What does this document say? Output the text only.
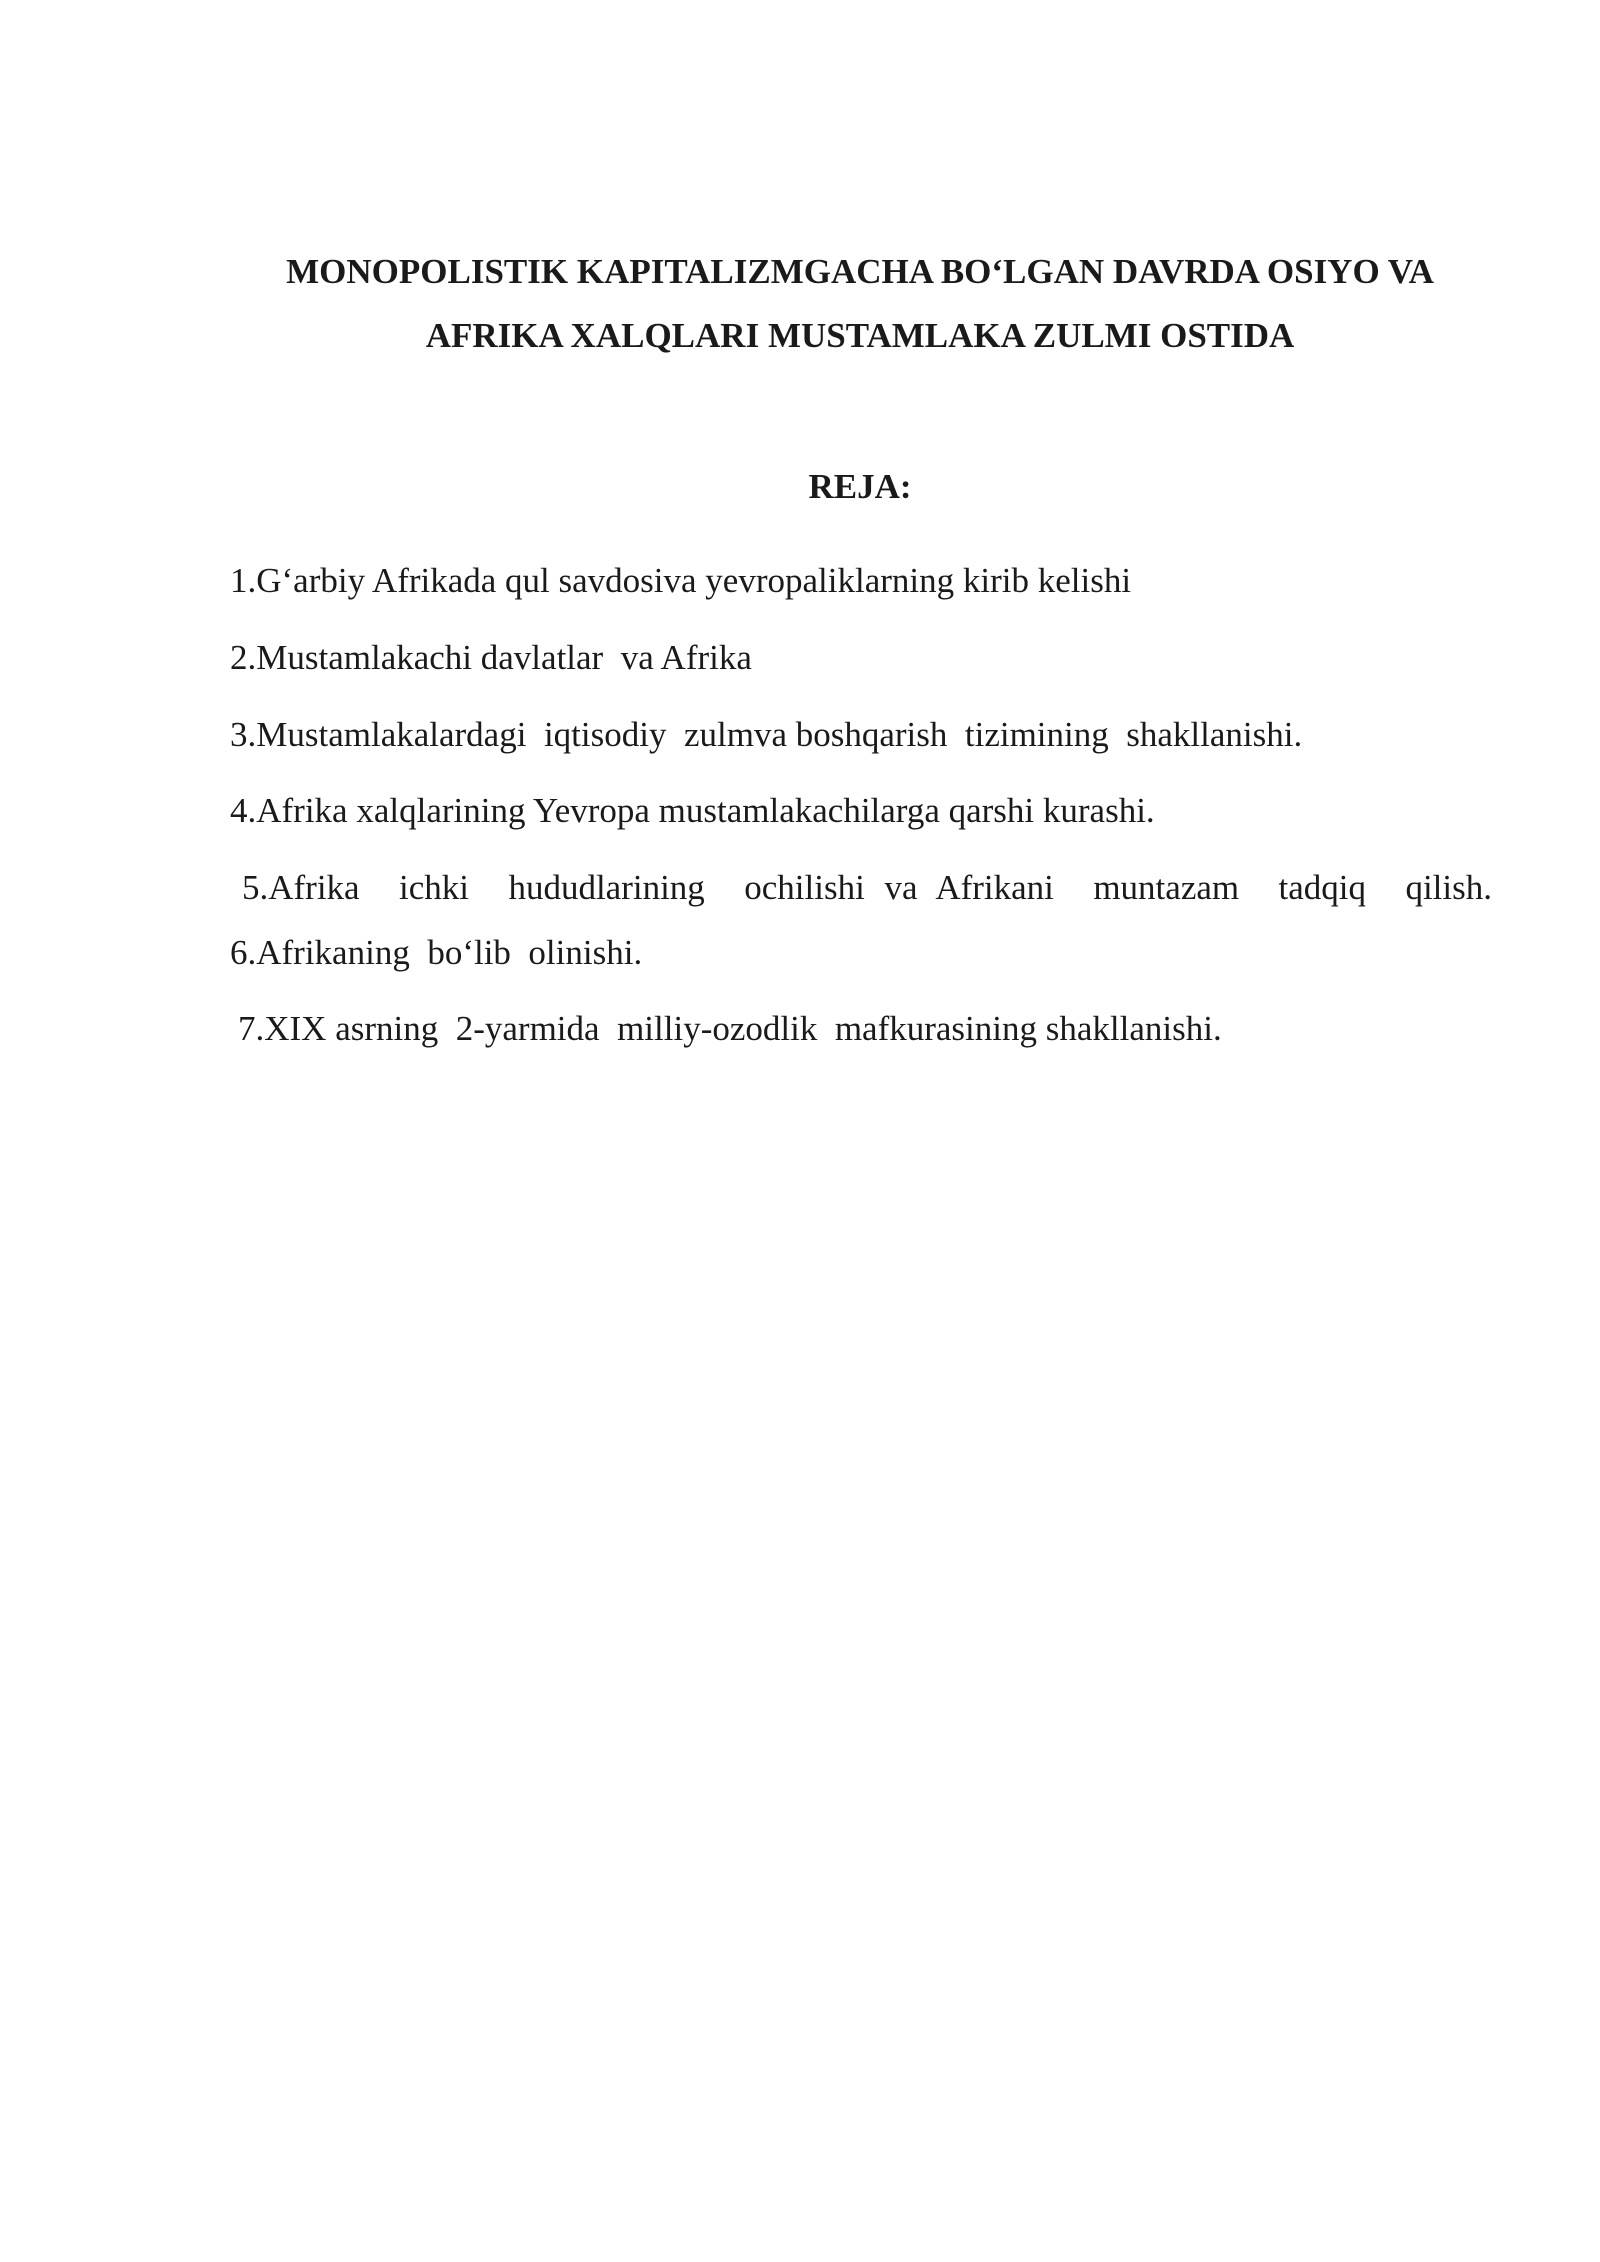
MONOPOLISTIK KAPITALIZMGACHA BO‘LGAN DAVRDA OSIYO VA
AFRIKA XALQLARI MUSTAMLAKA ZULMI OSTIDA
REJA:
1.G‘arbiy Afrikada qul savdosiva yevropaliklarning kirib kelishi
2.Mustamlakachi davlatlar  va Afrika
3.Mustamlakalardagi  iqtisodiy  zulmva boshqarish  tizimining  shakllanishi.
4.Afrika xalqlarining Yevropa mustamlakachilarga qarshi kurashi.
5.Afrika  ichki  hududlarining  ochilishi va Afrikani  muntazam  tadqiq  qilish.
6.Afrikaning  bo‘lib  olinishi.
7.XIX asrning  2-yarmida  milliy-ozodlik  mafkurasining shakllanishi.
